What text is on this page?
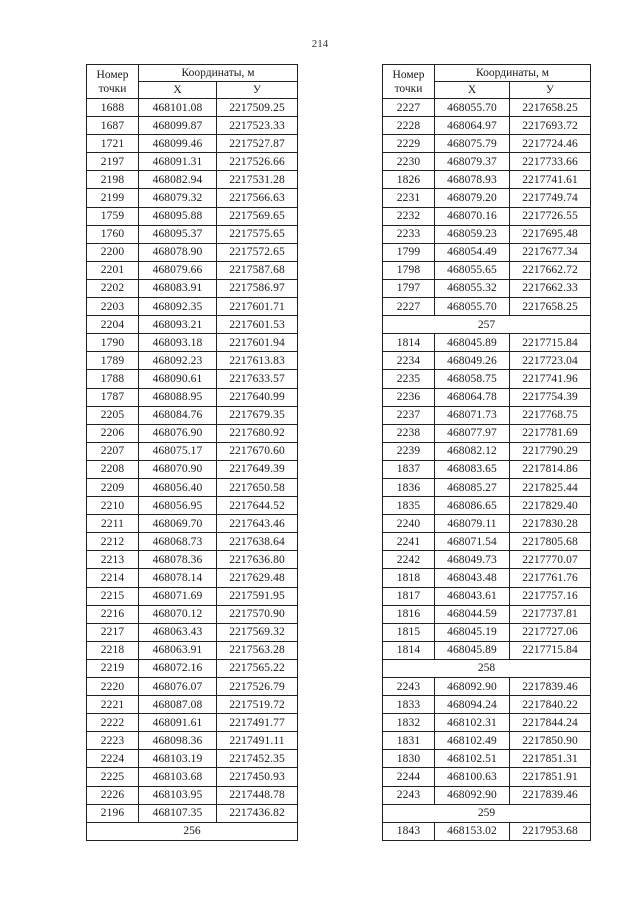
214
Номер точки	Координаты, м	
	X	У
1688	468101.08	2217509.25
1687	468099.87	2217523.33
1721	468099.46	2217527.87
2197	468091.31	2217526.66
2198	468082.94	2217531.28
2199	468079.32	2217566.63
1759	468095.88	2217569.65
1760	468095.37	2217575.65
2200	468078.90	2217572.65
2201	468079.66	2217587.68
2202	468083.91	2217586.97
2203	468092.35	2217601.71
2204	468093.21	2217601.53
1790	468093.18	2217601.94
1789	468092.23	2217613.83
1788	468090.61	2217633.57
1787	468088.95	2217640.99
2205	468084.76	2217679.35
2206	468076.90	2217680.92
2207	468075.17	2217670.60
2208	468070.90	2217649.39
2209	468056.40	2217650.58
2210	468056.95	2217644.52
2211	468069.70	2217643.46
2212	468068.73	2217638.64
2213	468078.36	2217636.80
2214	468078.14	2217629.48
2215	468071.69	2217591.95
2216	468070.12	2217570.90
2217	468063.43	2217569.32
2218	468063.91	2217563.28
2219	468072.16	2217565.22
2220	468076.07	2217526.79
2221	468087.08	2217519.72
2222	468091.61	2217491.77
2223	468098.36	2217491.11
2224	468103.19	2217452.35
2225	468103.68	2217450.93
2226	468103.95	2217448.78
2196	468107.35	2217436.82
256		
Номер точки	Координаты, м	
	X	У
2227	468055.70	2217658.25
2228	468064.97	2217693.72
2229	468075.79	2217724.46
2230	468079.37	2217733.66
1826	468078.93	2217741.61
2231	468079.20	2217749.74
2232	468070.16	2217726.55
2233	468059.23	2217695.48
1799	468054.49	2217677.34
1798	468055.65	2217662.72
1797	468055.32	2217662.33
2227	468055.70	2217658.25
257		
1814	468045.89	2217715.84
2234	468049.26	2217723.04
2235	468058.75	2217741.96
2236	468064.78	2217754.39
2237	468071.73	2217768.75
2238	468077.97	2217781.69
2239	468082.12	2217790.29
1837	468083.65	2217814.86
1836	468085.27	2217825.44
1835	468086.65	2217829.40
2240	468079.11	2217830.28
2241	468071.54	2217805.68
2242	468049.73	2217770.07
1818	468043.48	2217761.76
1817	468043.61	2217757.16
1816	468044.59	2217737.81
1815	468045.19	2217727.06
1814	468045.89	2217715.84
258		
2243	468092.90	2217839.46
1833	468094.24	2217840.22
1832	468102.31	2217844.24
1831	468102.49	2217850.90
1830	468102.51	2217851.31
2244	468100.63	2217851.91
2243	468092.90	2217839.46
259		
1843	468153.02	2217953.68
